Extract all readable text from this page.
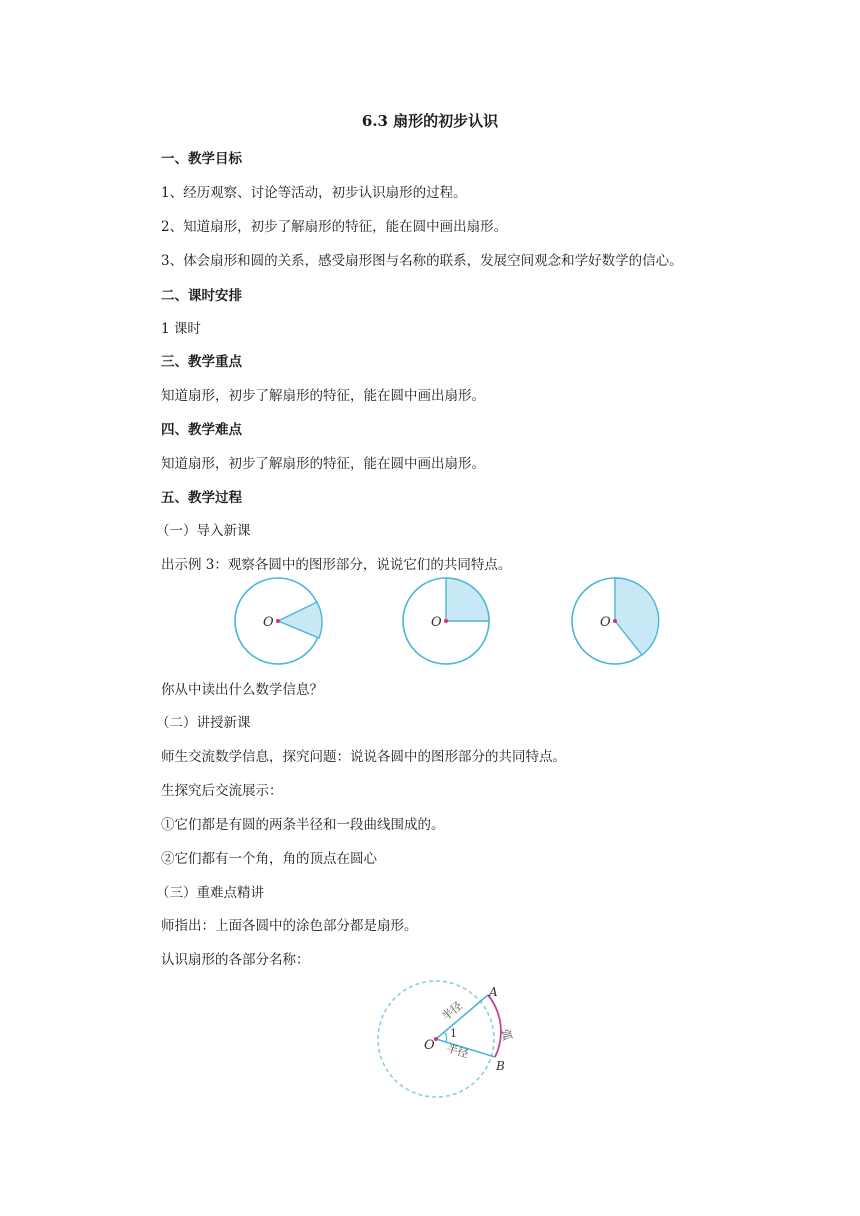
6.3 扇形的初步认识
一、教学目标
1、经历观察、讨论等活动，初步认识扇形的过程。
2、知道扇形，初步了解扇形的特征，能在圆中画出扇形。
3、体会扇形和圆的关系，感受扇形图与名称的联系，发展空间观念和学好数学的信心。
二、课时安排
1 课时
三、教学重点
知道扇形，初步了解扇形的特征，能在圆中画出扇形。
四、教学难点
知道扇形，初步了解扇形的特征，能在圆中画出扇形。
五、教学过程
（一）导入新课
出示例 3：观察各圆中的图形部分，说说它们的共同特点。
O	O	O
你从中读出什么数学信息？
（二）讲授新课
师生交流数学信息，探究问题：说说各圆中的图形部分的共同特点。
生探究后交流展示：
①它们都是有圆的两条半径和一段曲线围成的。
②它们都有一个角，角的顶点在圆心
（三）重难点精讲
师指出：上面各圆中的涂色部分都是扇形。
认识扇形的各部分名称：
O
A
B
1
半径
半径
弧
